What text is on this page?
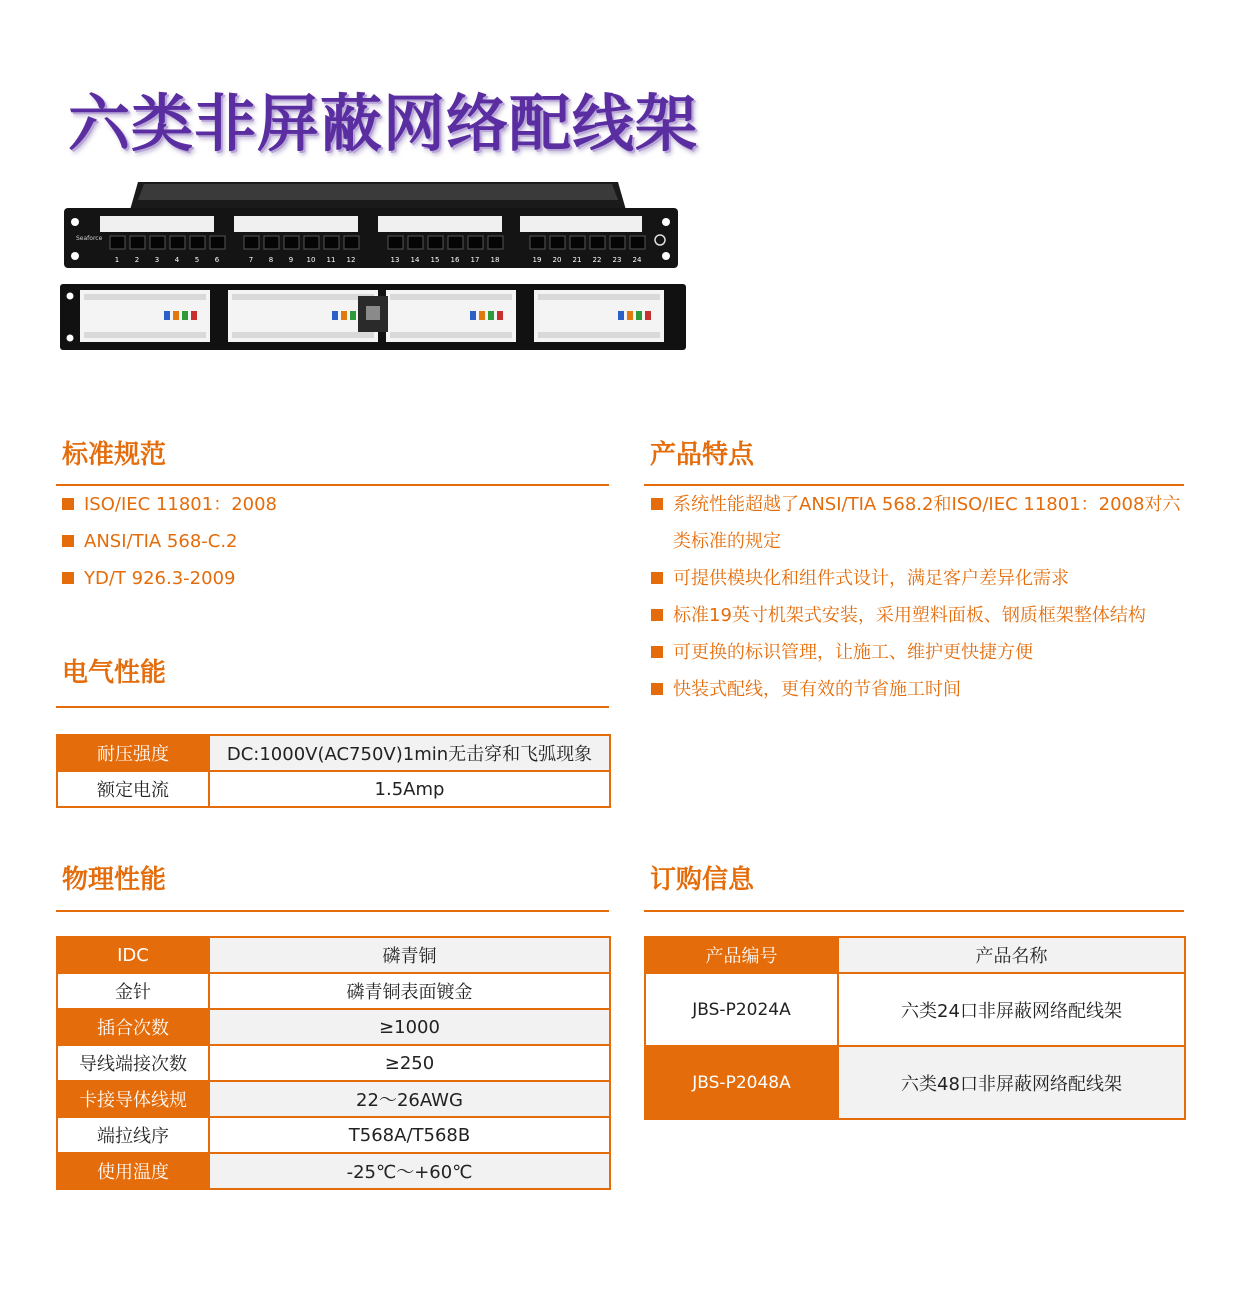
六类非屏蔽网络配线架
1 2 3 4 5 6	7 8 9 10 11 12	13 14 15 16 17 18	19 20 21 22 23 24
Seaforce
标准规范
ISO/IEC 11801：2008
ANSI/TIA 568-C.2
YD/T 926.3-2009
产品特点
系统性能超越了ANSI/TIA 568.2和ISO/IEC 11801：2008对六类标准的规定
可提供模块化和组件式设计，满足客户差异化需求
标准19英寸机架式安装，采用塑料面板、钢质框架整体结构
可更换的标识管理，让施工、维护更快捷方便
快装式配线，更有效的节省施工时间
电气性能
耐压强度	DC:1000V(AC750V)1min无击穿和飞弧现象
额定电流	1.5Amp
物理性能
IDC	磷青铜
金针	磷青铜表面镀金
插合次数	≥1000
导线端接次数	≥250
卡接导体线规	22～26AWG
端拉线序	T568A/T568B
使用温度	-25℃～+60℃
订购信息
产品编号	产品名称
JBS-P2024A	六类24口非屏蔽网络配线架
JBS-P2048A	六类48口非屏蔽网络配线架
